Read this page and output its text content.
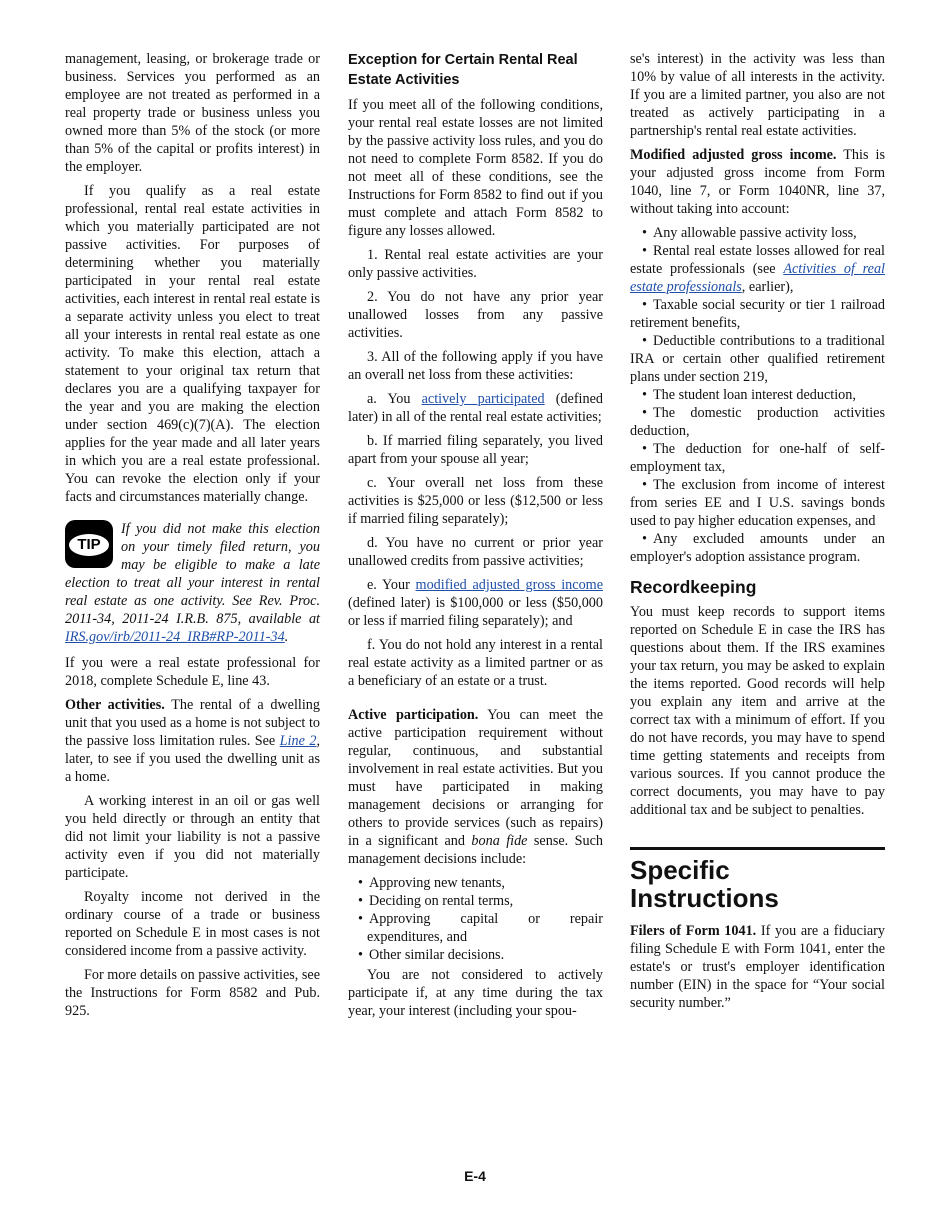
management, leasing, or brokerage trade or business. Services you performed as an employee are not treated as performed in a real property trade or business unless you owned more than 5% of the stock (or more than 5% of the capital or profits interest) in the employer.

If you qualify as a real estate professional, rental real estate activities in which you materially participated are not passive activities. For purposes of determining whether you materially participated in your rental real estate activities, each interest in rental real estate is a separate activity unless you elect to treat all your interests in rental real estate as one activity. To make this election, attach a statement to your original tax return that declares you are a qualifying taxpayer for the year and you are making the election under section 469(c)(7)(A). The election applies for the year made and all later years in which you are a real estate professional. You can revoke the election only if your facts and circumstances materially change.

TIP
If you did not make this election on your timely filed return, you may be eligible to make a late election to treat all your interest in rental real estate as one activity. See Rev. Proc. 2011-34, 2011-24 I.R.B. 875, available at IRS.gov/irb/2011-24_IRB#RP-2011-34.

If you were a real estate professional for 2018, complete Schedule E, line 43.

Other activities. The rental of a dwelling unit that you used as a home is not subject to the passive loss limitation rules. See Line 2, later, to see if you used the dwelling unit as a home.

A working interest in an oil or gas well you held directly or through an entity that did not limit your liability is not a passive activity even if you did not materially participate.

Royalty income not derived in the ordinary course of a trade or business reported on Schedule E in most cases is not considered income from a passive activity.

For more details on passive activities, see the Instructions for Form 8582 and Pub. 925.

Exception for Certain Rental Real Estate Activities

If you meet all of the following conditions, your rental real estate losses are not limited by the passive activity loss rules, and you do not need to complete Form 8582. If you do not meet all of these conditions, see the Instructions for Form 8582 to find out if you must complete and attach Form 8582 to figure any losses allowed.

1. Rental real estate activities are your only passive activities.

2. You do not have any prior year unallowed losses from any passive activities.

3. All of the following apply if you have an overall net loss from these activities:

a. You actively participated (defined later) in all of the rental real estate activities;

b. If married filing separately, you lived apart from your spouse all year;

c. Your overall net loss from these activities is $25,000 or less ($12,500 or less if married filing separately);

d. You have no current or prior year unallowed credits from passive activities;

e. Your modified adjusted gross income (defined later) is $100,000 or less ($50,000 or less if married filing separately); and

f. You do not hold any interest in a rental real estate activity as a limited partner or as a beneficiary of an estate or a trust.

Active participation. You can meet the active participation requirement without regular, continuous, and substantial involvement in real estate activities. But you must have participated in making management decisions or arranging for others to provide services (such as repairs) in a significant and bona fide sense. Such management decisions include:

• Approving new tenants,
• Deciding on rental terms,
• Approving capital or repair expenditures, and
• Other similar decisions.

You are not considered to actively participate if, at any time during the tax year, your interest (including your spou-

se's interest) in the activity was less than 10% by value of all interests in the activity. If you are a limited partner, you also are not treated as actively participating in a partnership's rental real estate activities.

Modified adjusted gross income. This is your adjusted gross income from Form 1040, line 7, or Form 1040NR, line 37, without taking into account:

• Any allowable passive activity loss,
• Rental real estate losses allowed for real estate professionals (see Activities of real estate professionals, earlier),
• Taxable social security or tier 1 railroad retirement benefits,
• Deductible contributions to a traditional IRA or certain other qualified retirement plans under section 219,
• The student loan interest deduction,
• The domestic production activities deduction,
• The deduction for one-half of self-employment tax,
• The exclusion from income of interest from series EE and I U.S. savings bonds used to pay higher education expenses, and
• Any excluded amounts under an employer's adoption assistance program.
Recordkeeping

You must keep records to support items reported on Schedule E in case the IRS has questions about them. If the IRS examines your tax return, you may be asked to explain the items reported. Good records will help you explain any item and arrive at the correct tax with a minimum of effort. If you do not have records, you may have to spend time getting statements and receipts from various sources. If you cannot produce the correct documents, you may have to pay additional tax and be subject to penalties.

Specific Instructions

Filers of Form 1041. If you are a fiduciary filing Schedule E with Form 1041, enter the estate's or trust's employer identification number (EIN) in the space for “Your social security number.”

E-4
